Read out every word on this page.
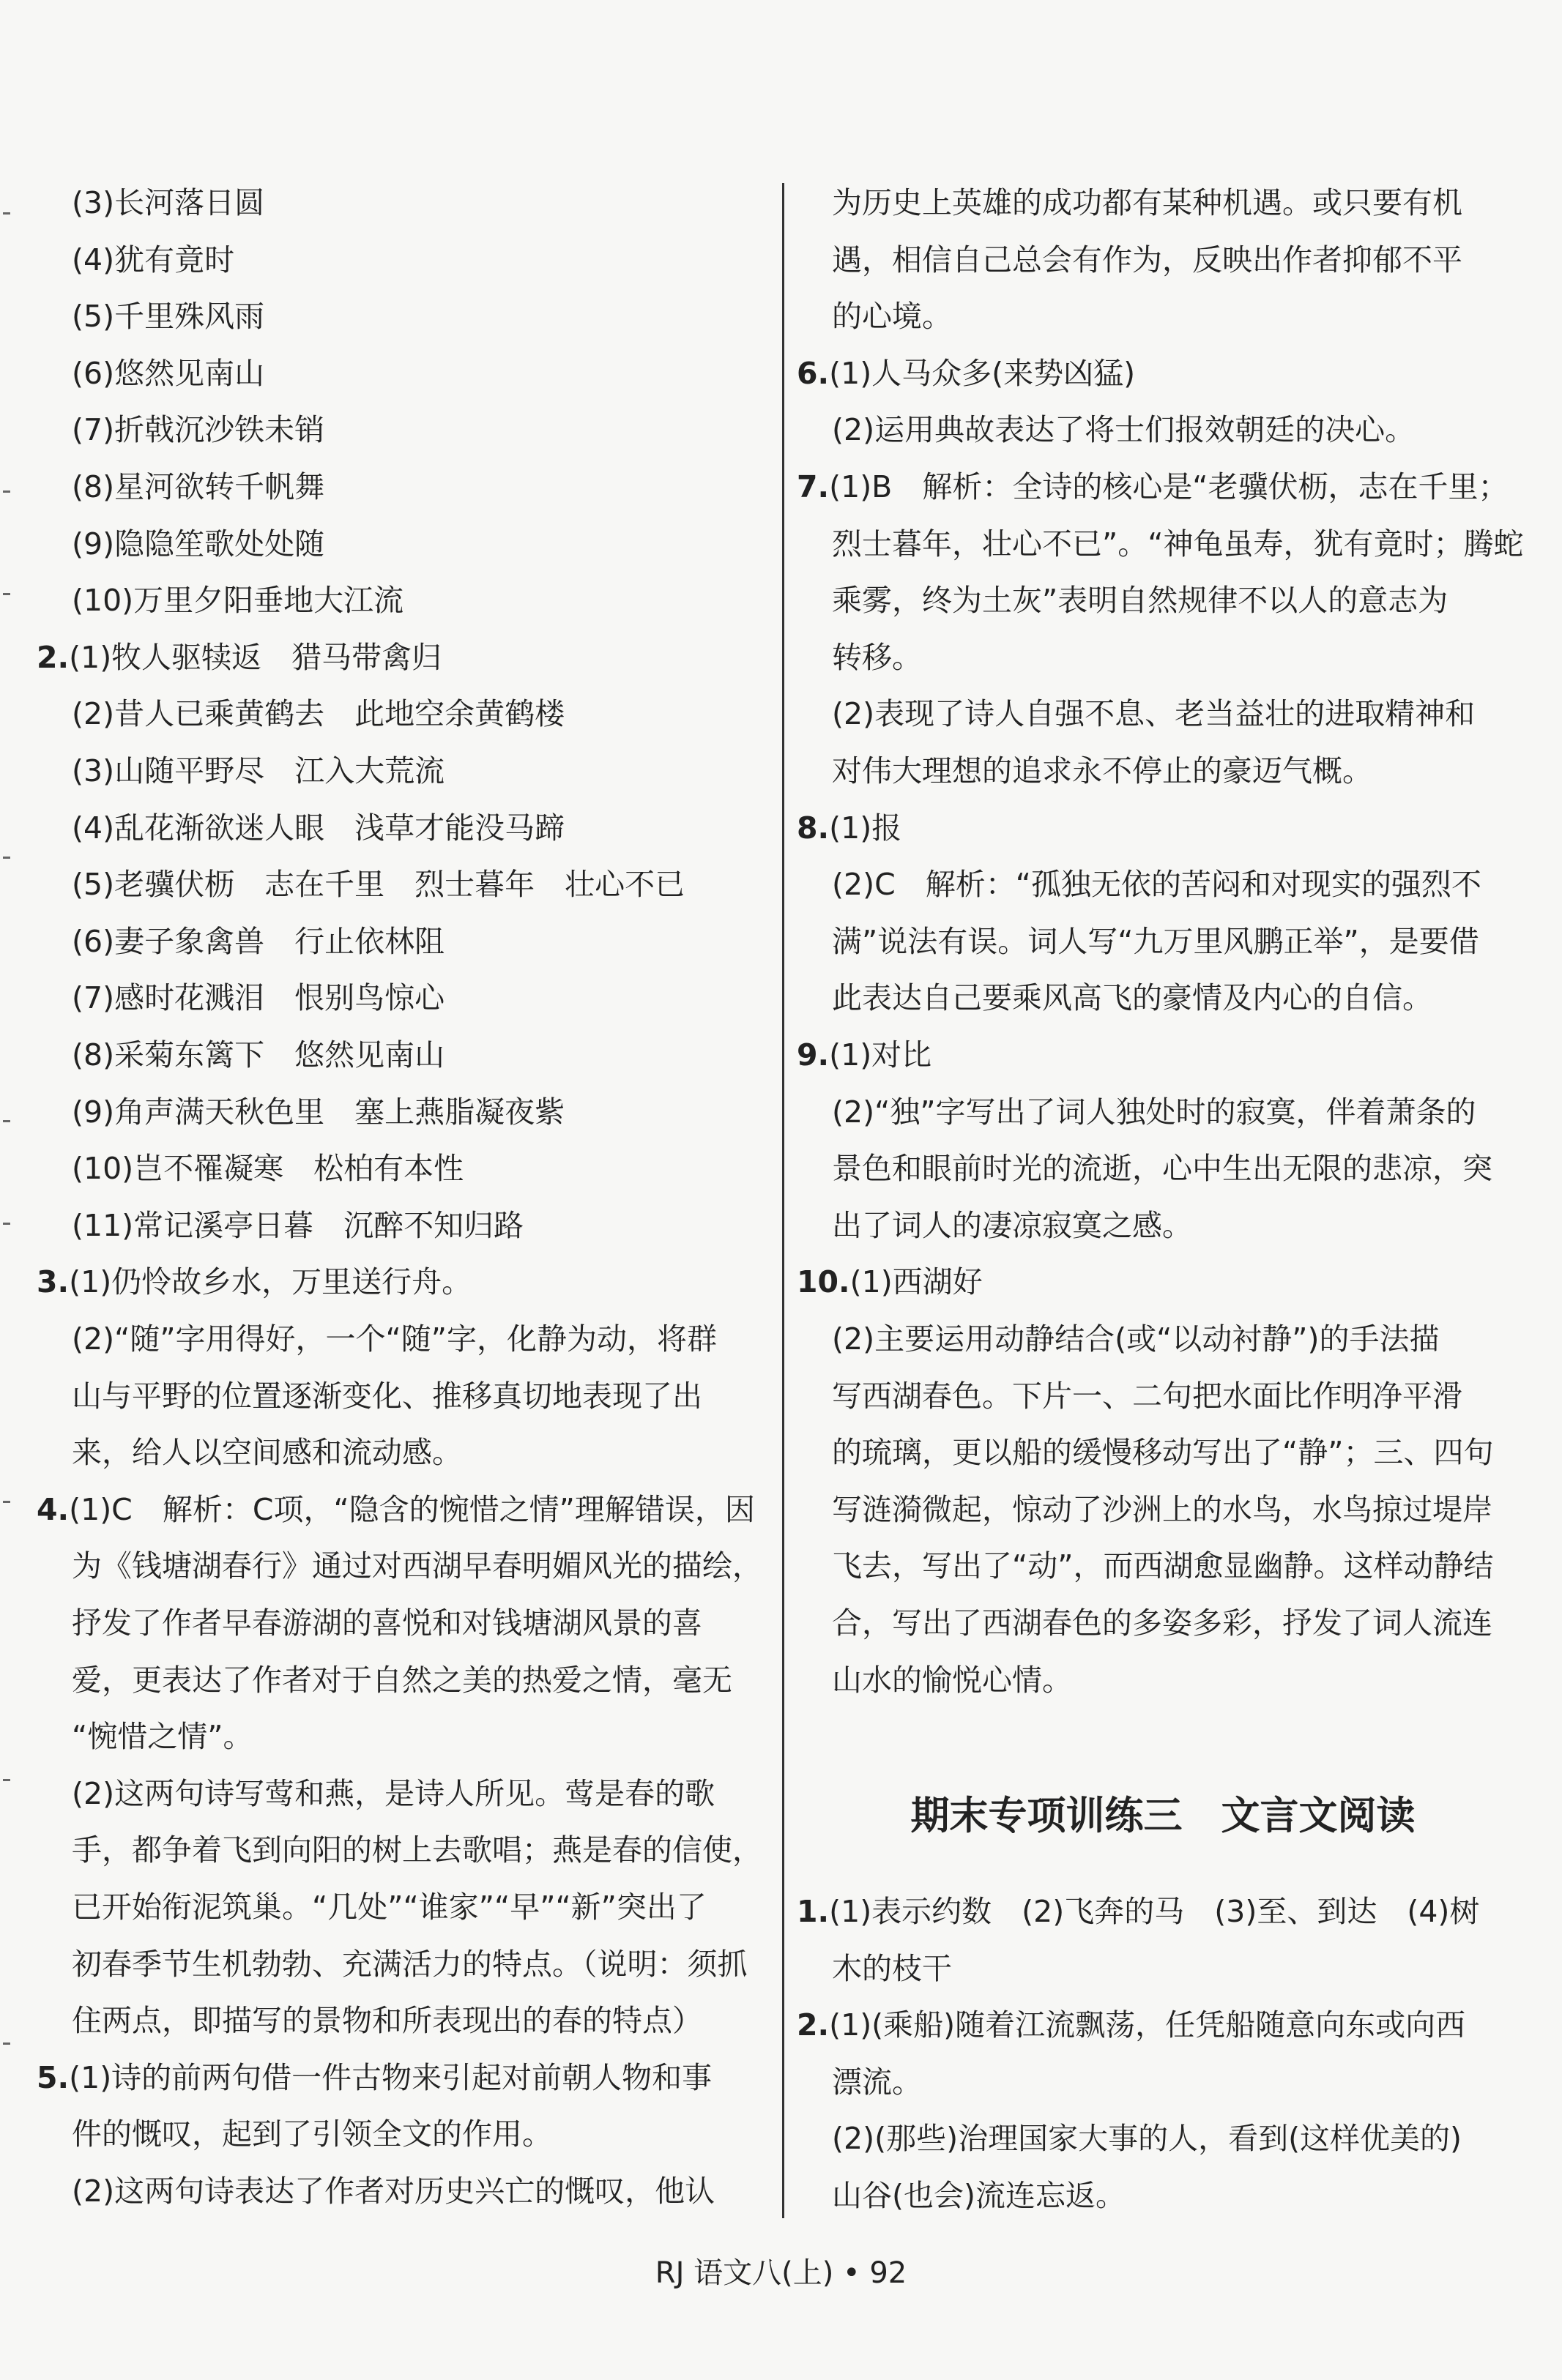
(3)长河落日圆
(4)犹有竟时
(5)千里殊风雨
(6)悠然见南山
(7)折戟沉沙铁未销
(8)星河欲转千帆舞
(9)隐隐笙歌处处随
(10)万里夕阳垂地大江流
2.(1)牧人驱犊返　猎马带禽归
(2)昔人已乘黄鹤去　此地空余黄鹤楼
(3)山随平野尽　江入大荒流
(4)乱花渐欲迷人眼　浅草才能没马蹄
(5)老骥伏枥　志在千里　烈士暮年　壮心不已
(6)妻子象禽兽　行止依林阻
(7)感时花溅泪　恨别鸟惊心
(8)采菊东篱下　悠然见南山
(9)角声满天秋色里　塞上燕脂凝夜紫
(10)岂不罹凝寒　松柏有本性
(11)常记溪亭日暮　沉醉不知归路
3.(1)仍怜故乡水，万里送行舟。
(2)“随”字用得好，一个“随”字，化静为动，将群
山与平野的位置逐渐变化、推移真切地表现了出
来，给人以空间感和流动感。
4.(1)C　解析：C项，“隐含的惋惜之情”理解错误，因
为《钱塘湖春行》通过对西湖早春明媚风光的描绘，
抒发了作者早春游湖的喜悦和对钱塘湖风景的喜
爱，更表达了作者对于自然之美的热爱之情，毫无
“惋惜之情”。
(2)这两句诗写莺和燕，是诗人所见。莺是春的歌
手，都争着飞到向阳的树上去歌唱；燕是春的信使，
已开始衔泥筑巢。“几处”“谁家”“早”“新”突出了
初春季节生机勃勃、充满活力的特点。（说明：须抓
住两点，即描写的景物和所表现出的春的特点）
5.(1)诗的前两句借一件古物来引起对前朝人物和事
件的慨叹，起到了引领全文的作用。
(2)这两句诗表达了作者对历史兴亡的慨叹，他认
为历史上英雄的成功都有某种机遇。或只要有机
遇，相信自己总会有作为，反映出作者抑郁不平
的心境。
6.(1)人马众多(来势凶猛)
(2)运用典故表达了将士们报效朝廷的决心。
7.(1)B　解析：全诗的核心是“老骥伏枥，志在千里；
烈士暮年，壮心不已”。“神龟虽寿，犹有竟时；腾蛇
乘雾，终为土灰”表明自然规律不以人的意志为
转移。
(2)表现了诗人自强不息、老当益壮的进取精神和
对伟大理想的追求永不停止的豪迈气概。
8.(1)报
(2)C　解析：“孤独无依的苦闷和对现实的强烈不
满”说法有误。词人写“九万里风鹏正举”，是要借
此表达自己要乘风高飞的豪情及内心的自信。
9.(1)对比
(2)“独”字写出了词人独处时的寂寞，伴着萧条的
景色和眼前时光的流逝，心中生出无限的悲凉，突
出了词人的凄凉寂寞之感。
10.(1)西湖好
(2)主要运用动静结合(或“以动衬静”)的手法描
写西湖春色。下片一、二句把水面比作明净平滑
的琉璃，更以船的缓慢移动写出了“静”；三、四句
写涟漪微起，惊动了沙洲上的水鸟，水鸟掠过堤岸
飞去，写出了“动”，而西湖愈显幽静。这样动静结
合，写出了西湖春色的多姿多彩，抒发了词人流连
山水的愉悦心情。
期末专项训练三　文言文阅读
1.(1)表示约数　(2)飞奔的马　(3)至、到达　(4)树
木的枝干
2.(1)(乘船)随着江流飘荡，任凭船随意向东或向西
漂流。
(2)(那些)治理国家大事的人，看到(这样优美的)
山谷(也会)流连忘返。
RJ 语文八(上) • 92
